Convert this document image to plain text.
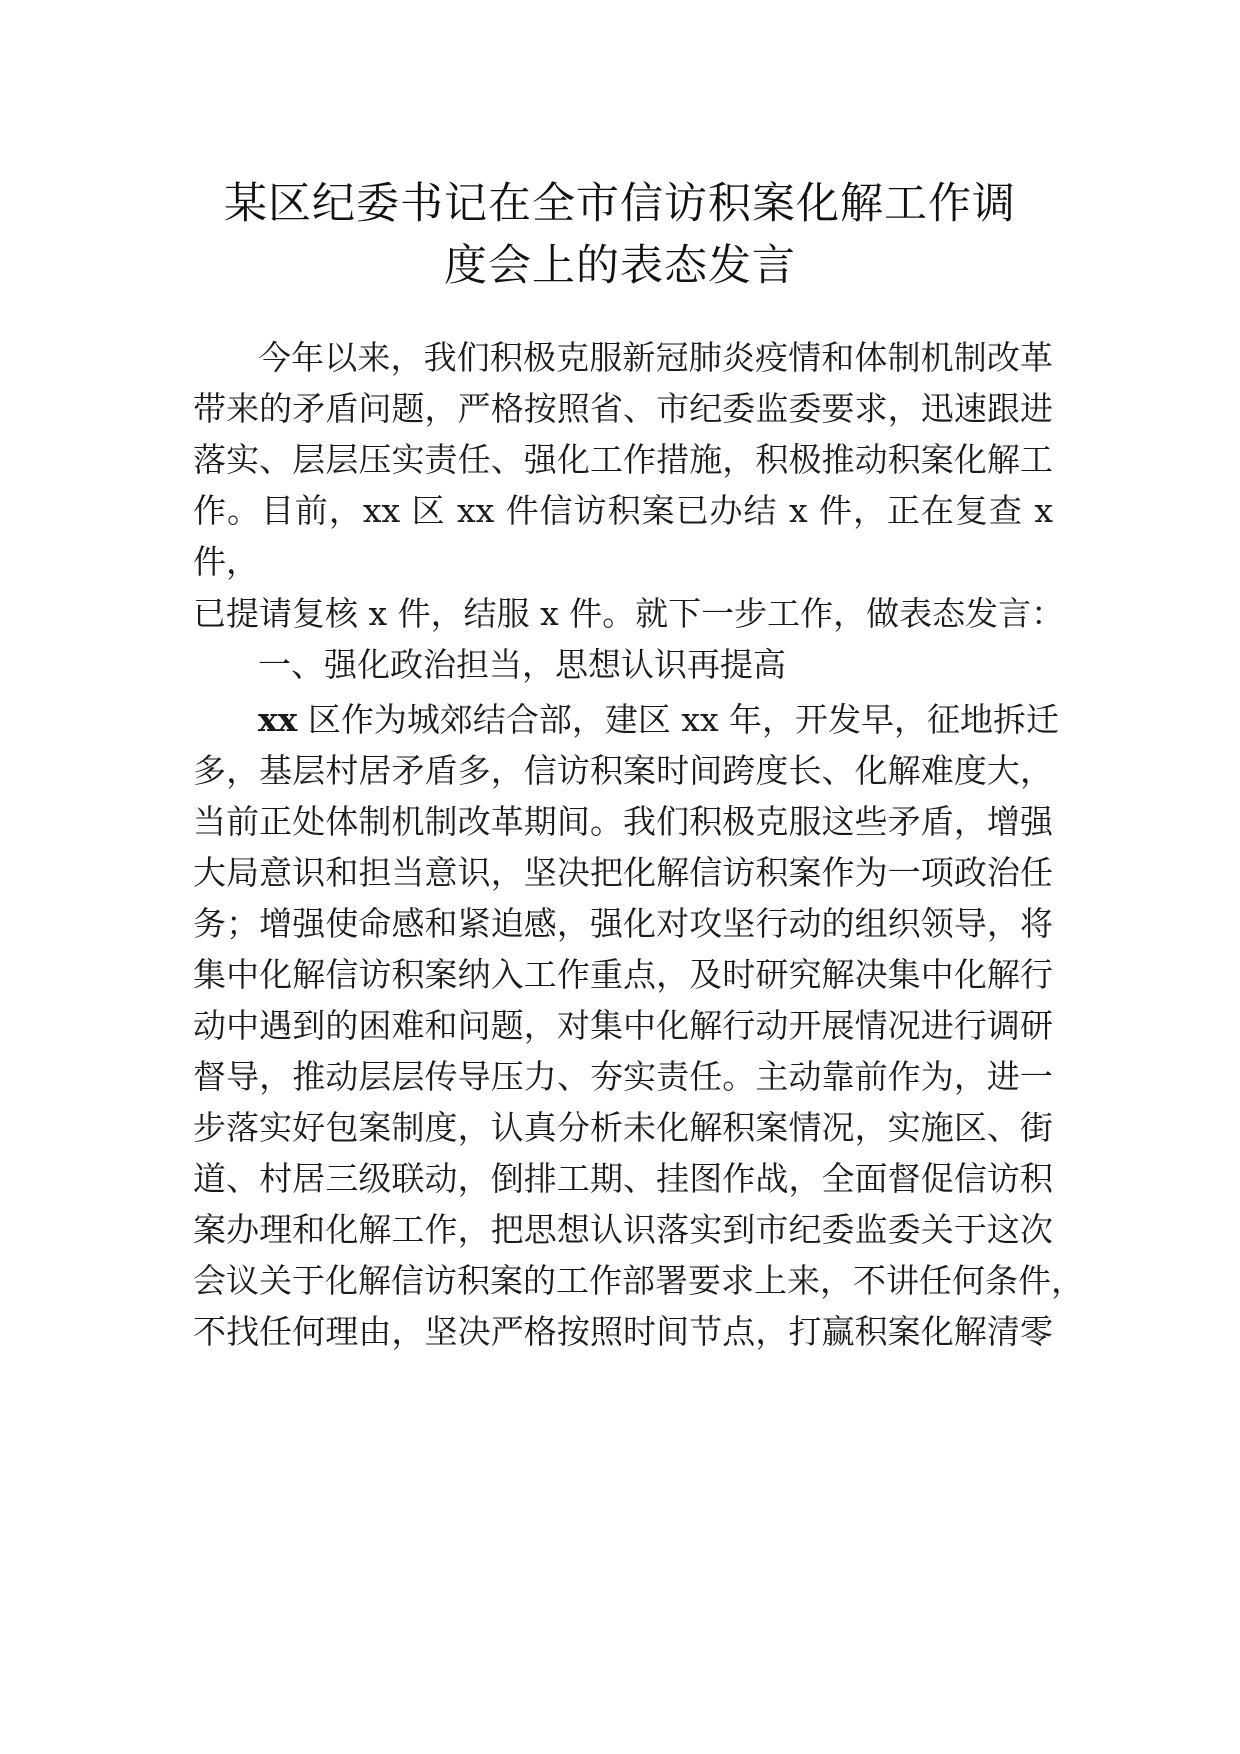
某区纪委书记在全市信访积案化解工作调
度会上的表态发言
今年以来，我们积极克服新冠肺炎疫情和体制机制改革
带来的矛盾问题，严格按照省、市纪委监委要求，迅速跟进
落实、层层压实责任、强化工作措施，积极推动积案化解工
作。目前，xx 区 xx 件信访积案已办结 x 件，正在复查 x
件，
已提请复核 x 件，结服 x 件。就下一步工作，做表态发言：
一、强化政治担当，思想认识再提高
xx 区作为城郊结合部，建区 xx 年，开发早，征地拆迁
多，基层村居矛盾多，信访积案时间跨度长、化解难度大，
当前正处体制机制改革期间。我们积极克服这些矛盾，增强
大局意识和担当意识，坚决把化解信访积案作为一项政治任
务；增强使命感和紧迫感，强化对攻坚行动的组织领导，将
集中化解信访积案纳入工作重点，及时研究解决集中化解行
动中遇到的困难和问题，对集中化解行动开展情况进行调研
督导，推动层层传导压力、夯实责任。主动靠前作为，进一
步落实好包案制度，认真分析未化解积案情况，实施区、街
道、村居三级联动，倒排工期、挂图作战，全面督促信访积
案办理和化解工作，把思想认识落实到市纪委监委关于这次
会议关于化解信访积案的工作部署要求上来，不讲任何条件，
不找任何理由，坚决严格按照时间节点，打赢积案化解清零
